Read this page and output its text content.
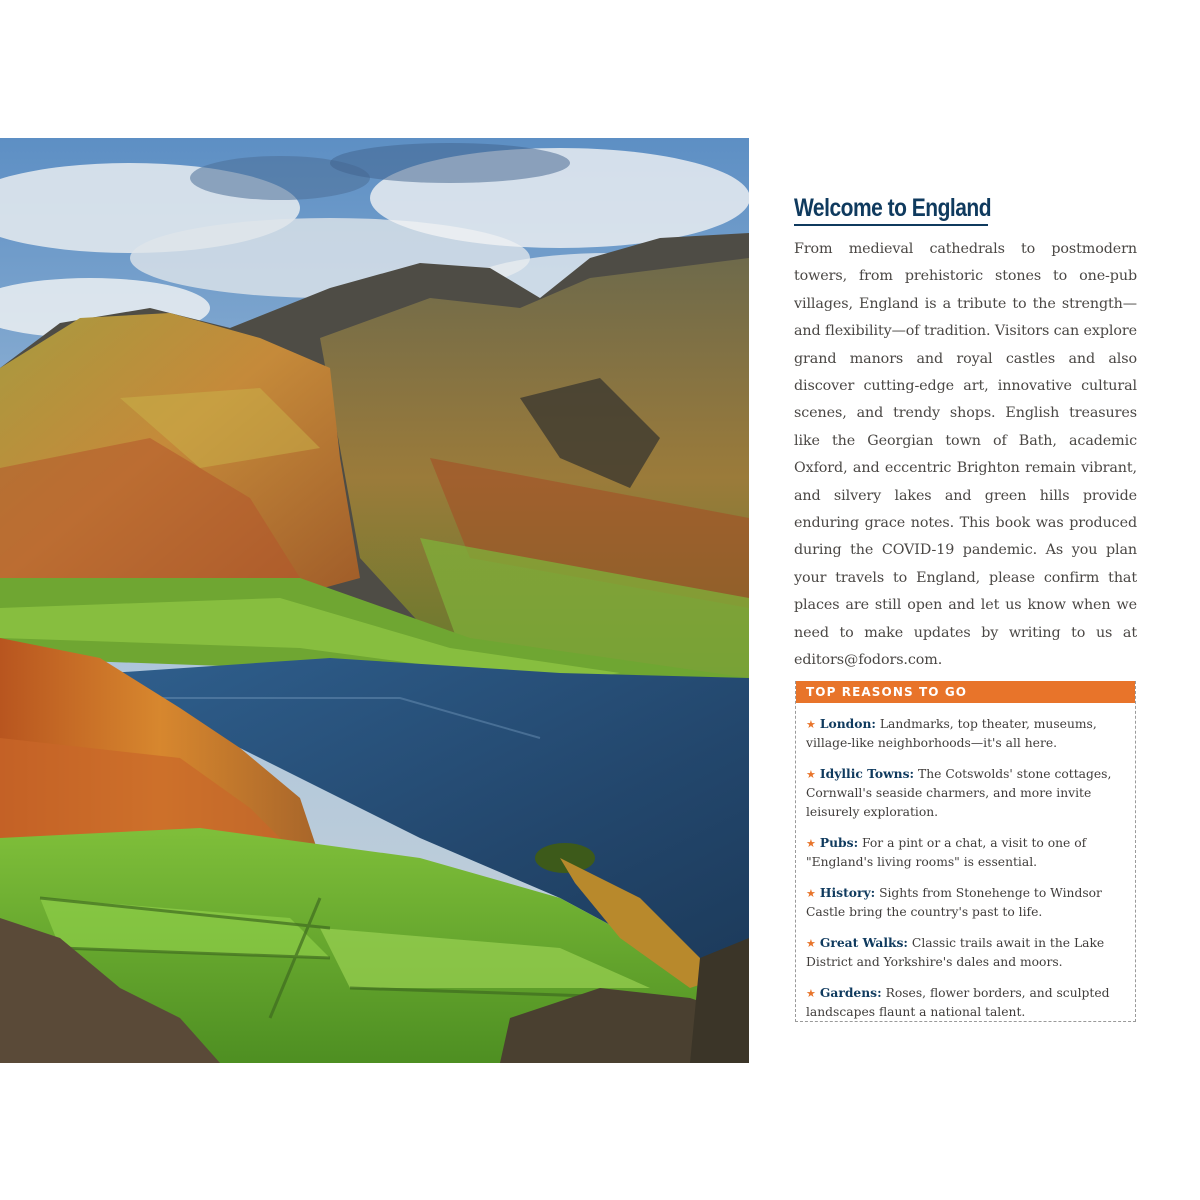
Welcome to England

From medieval cathedrals to postmodern towers, from prehistoric stones to one-pub villages, England is a tribute to the strength—and flexibility—of tradition. Visitors can explore grand manors and royal castles and also discover cutting-edge art, innovative cultural scenes, and trendy shops. English treasures like the Georgian town of Bath, academic Oxford, and eccentric Brighton remain vibrant, and silvery lakes and green hills provide enduring grace notes. This book was produced during the COVID-19 pandemic. As you plan your travels to England, please confirm that places are still open and let us know when we need to make updates by writing to us at editors@fodors.com.

TOP REASONS TO GO
★ London: Landmarks, top theater, museums, village-like neighborhoods—it's all here.
★ Idyllic Towns: The Cotswolds' stone cottages, Cornwall's seaside charmers, and more invite leisurely exploration.
★ Pubs: For a pint or a chat, a visit to one of "England's living rooms" is essential.
★ History: Sights from Stonehenge to Windsor Castle bring the country's past to life.
★ Great Walks: Classic trails await in the Lake District and Yorkshire's dales and moors.
★ Gardens: Roses, flower borders, and sculpted landscapes flaunt a national talent.
